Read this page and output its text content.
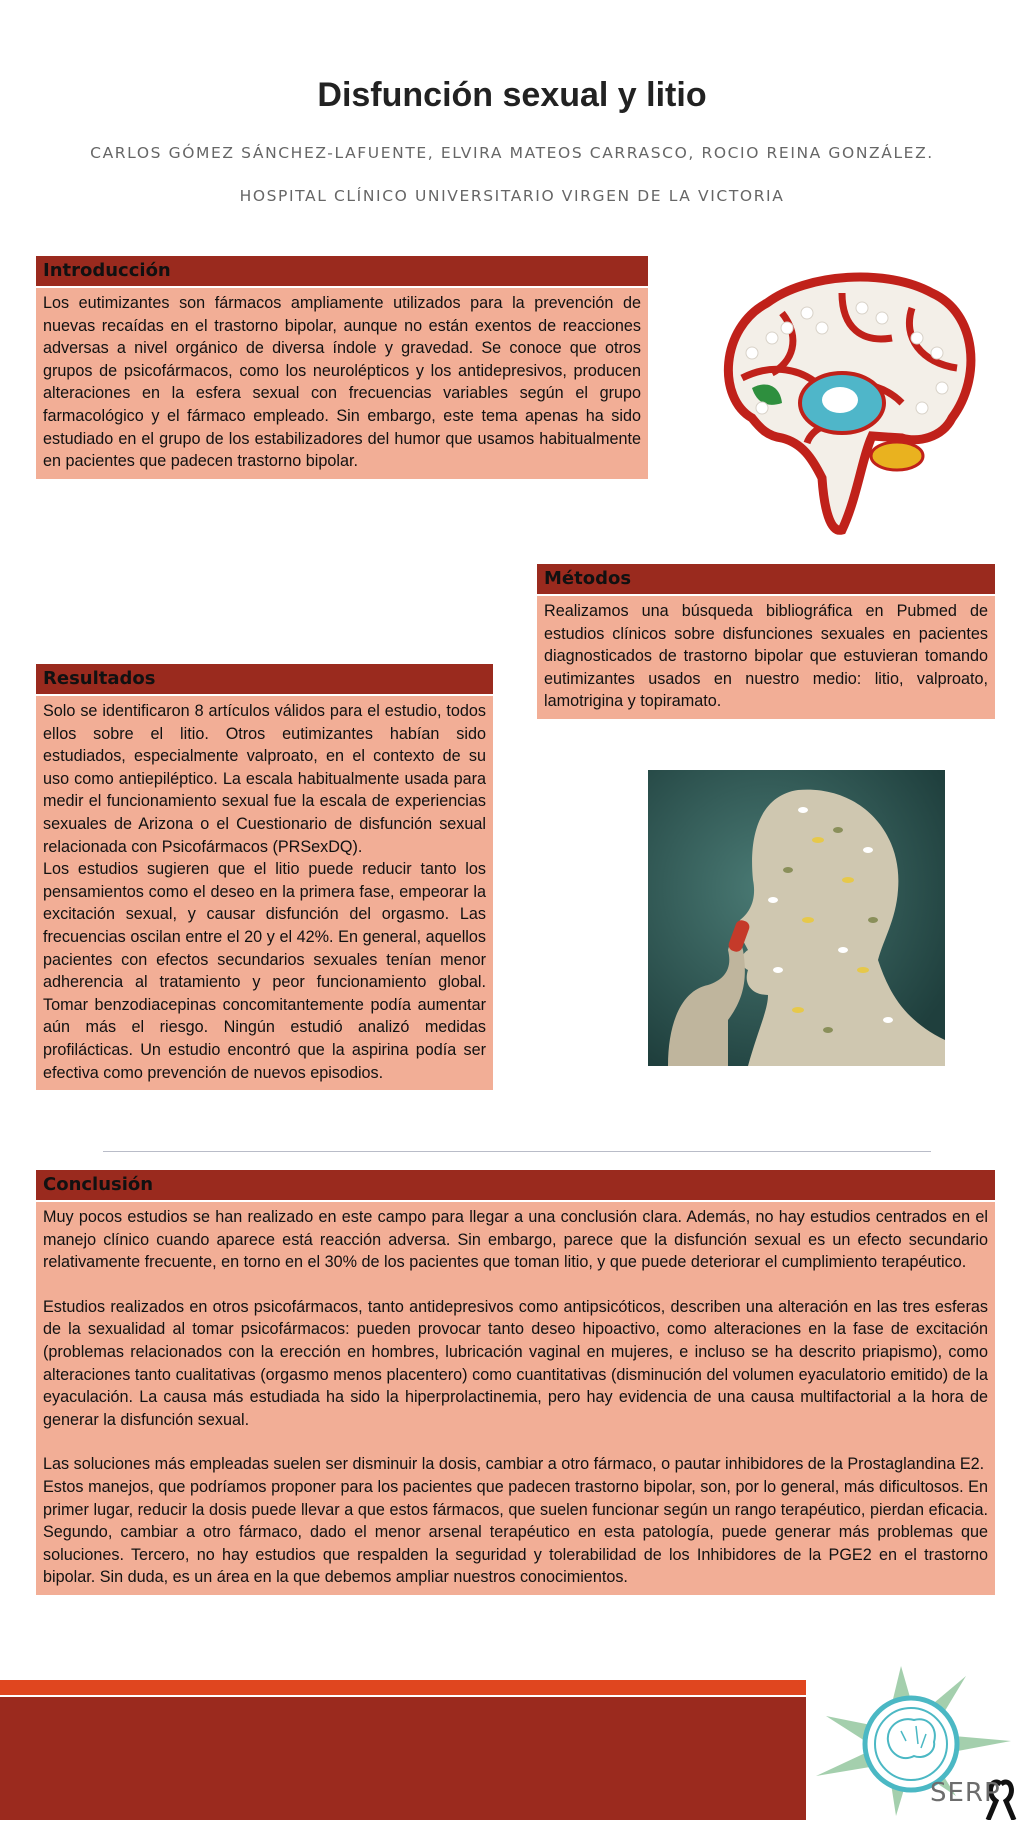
Disfunción sexual y litio
CARLOS GÓMEZ SÁNCHEZ-LAFUENTE, ELVIRA MATEOS CARRASCO, ROCIO REINA GONZÁLEZ.
HOSPITAL CLÍNICO UNIVERSITARIO VIRGEN DE LA VICTORIA
Introducción

Los eutimizantes son fármacos ampliamente utilizados para la prevención de nuevas recaídas en el trastorno bipolar, aunque no están exentos de reacciones adversas a nivel orgánico de diversa índole y gravedad. Se conoce que otros grupos de psicofármacos, como los neurolépticos y los antidepresivos, producen alteraciones en la esfera sexual con frecuencias variables según el grupo farmacológico y el fármaco empleado. Sin embargo, este tema apenas ha sido estudiado en el grupo de los estabilizadores del humor que usamos habitualmente en pacientes que padecen trastorno bipolar.

Métodos

Realizamos una búsqueda bibliográfica en Pubmed de estudios clínicos sobre disfunciones sexuales en pacientes diagnosticados de trastorno bipolar que estuvieran tomando eutimizantes usados en nuestro medio: litio, valproato, lamotrigina y topiramato.

Resultados

Solo se identificaron 8 artículos válidos para el estudio, todos ellos sobre el litio. Otros eutimizantes habían sido estudiados, especialmente valproato, en el contexto de su uso como antiepiléptico. La escala habitualmente usada para medir el funcionamiento sexual fue la escala de experiencias sexuales de Arizona o el Cuestionario de disfunción sexual relacionada con Psicofármacos (PRSexDQ).

Los estudios sugieren que el litio puede reducir tanto los pensamientos como el deseo en la primera fase, empeorar la excitación sexual, y causar disfunción del orgasmo. Las frecuencias oscilan entre el 20 y el 42%. En general, aquellos pacientes con efectos secundarios sexuales tenían menor adherencia al tratamiento y peor funcionamiento global. Tomar benzodiacepinas concomitantemente podía aumentar aún más el riesgo. Ningún estudió analizó medidas profilácticas. Un estudio encontró que la aspirina podía ser efectiva como prevención de nuevos episodios.

Conclusión

Muy pocos estudios se han realizado en este campo para llegar a una conclusión clara. Además, no hay estudios centrados en el manejo clínico cuando aparece está reacción adversa. Sin embargo, parece que la disfunción sexual es un efecto secundario relativamente frecuente, en torno en el 30% de los pacientes que toman litio, y que puede deteriorar el cumplimiento terapéutico.

Estudios realizados en otros psicofármacos, tanto antidepresivos como antipsicóticos, describen una alteración en las tres esferas de la sexualidad al tomar psicofármacos: pueden provocar tanto deseo hipoactivo, como alteraciones en la fase de excitación (problemas relacionados con la erección en hombres, lubricación vaginal en mujeres, e incluso se ha descrito priapismo), como alteraciones tanto cualitativas (orgasmo menos placentero) como cuantitativas (disminución del volumen eyaculatorio emitido) de la eyaculación. La causa más estudiada ha sido la hiperprolactinemia, pero hay evidencia de una causa multifactorial a la hora de generar la disfunción sexual.

Las soluciones más empleadas suelen ser disminuir la dosis, cambiar a otro fármaco, o pautar inhibidores de la Prostaglandina E2.

Estos manejos, que podríamos proponer para los pacientes que padecen trastorno bipolar, son, por lo general, más dificultosos. En primer lugar, reducir la dosis puede llevar a que estos fármacos, que suelen funcionar según un rango terapéutico, pierdan eficacia. Segundo, cambiar a otro fármaco, dado el menor arsenal terapéutico en esta patología, puede generar más problemas que soluciones. Tercero, no hay estudios que respalden la seguridad y tolerabilidad de los Inhibidores de la PGE2 en el trastorno bipolar. Sin duda, es un área en la que debemos ampliar nuestros conocimientos.

SERP
